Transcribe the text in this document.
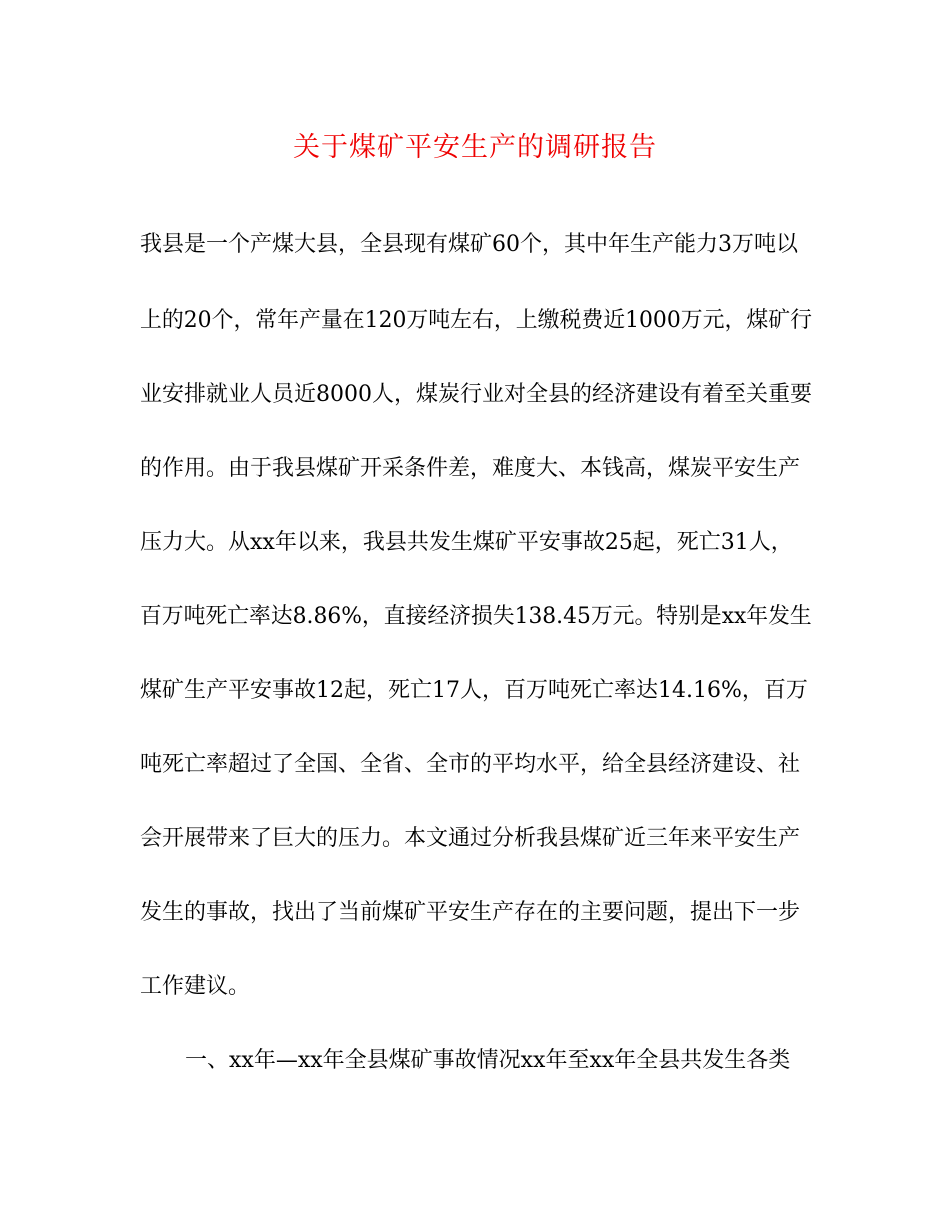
关于煤矿平安生产的调研报告
我县是一个产煤大县，全县现有煤矿60个，其中年生产能力3万吨以
上的20个，常年产量在120万吨左右，上缴税费近1000万元，煤矿行
业安排就业人员近8000人，煤炭行业对全县的经济建设有着至关重要
的作用。由于我县煤矿开采条件差，难度大、本钱高，煤炭平安生产
压力大。从xx年以来，我县共发生煤矿平安事故25起，死亡31人，
百万吨死亡率达8.86%，直接经济损失138.45万元。特别是xx年发生
煤矿生产平安事故12起，死亡17人，百万吨死亡率达14.16%，百万
吨死亡率超过了全国、全省、全市的平均水平，给全县经济建设、社
会开展带来了巨大的压力。本文通过分析我县煤矿近三年来平安生产
发生的事故，找出了当前煤矿平安生产存在的主要问题，提出下一步
工作建议。
一、xx年—xx年全县煤矿事故情况xx年至xx年全县共发生各类
